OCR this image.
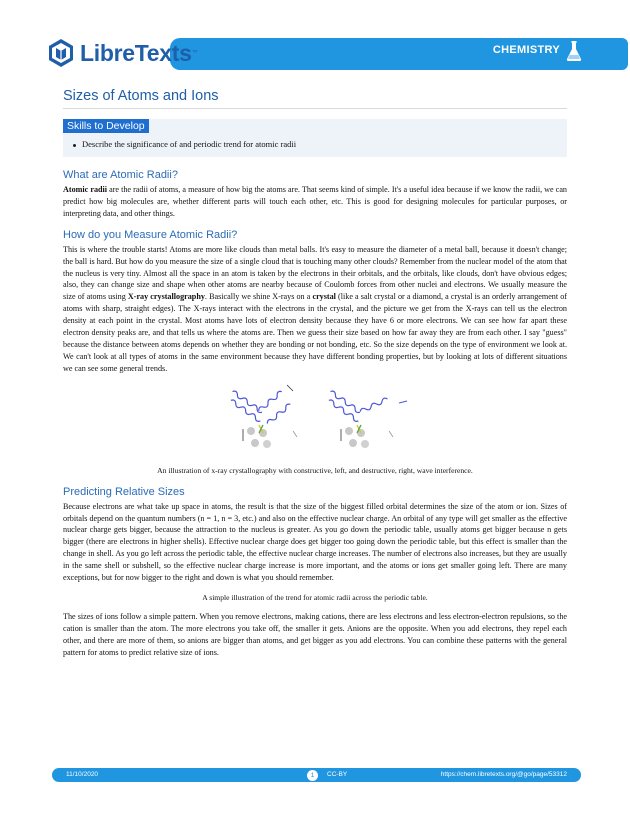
LibreTexts ™	CHEMISTRY
Sizes of Atoms and Ions
Skills to Develop
Describe the significance of and periodic trend for atomic radii
What are Atomic Radii?

Atomic radii are the radii of atoms, a measure of how big the atoms are. That seems kind of simple. It's a useful idea because if we know the radii, we can predict how big molecules are, whether different parts will touch each other, etc. This is good for designing molecules for particular purposes, or interpreting data, and other things.

How do you Measure Atomic Radii?

This is where the trouble starts! Atoms are more like clouds than metal balls. It's easy to measure the diameter of a metal ball, because it doesn't change; the ball is hard. But how do you measure the size of a single cloud that is touching many other clouds? Remember from the nuclear model of the atom that the nucleus is very tiny. Almost all the space in an atom is taken by the electrons in their orbitals, and the orbitals, like clouds, don't have obvious edges; also, they can change size and shape when other atoms are nearby because of Coulomb forces from other nuclei and electrons. We usually measure the size of atoms using X-ray crystallography. Basically we shine X-rays on a crystal (like a salt crystal or a diamond, a crystal is an orderly arrangement of atoms with sharp, straight edges). The X-rays interact with the electrons in the crystal, and the picture we get from the X-rays can tell us the electron density at each point in the crystal. Most atoms have lots of electron density because they have 6 or more electrons. We can see how far apart these electron density peaks are, and that tells us where the atoms are. Then we guess their size based on how far away they are from each other. I say "guess" because the distance between atoms depends on whether they are bonding or not bonding, etc. So the size depends on the type of environment we look at. We can't look at all types of atoms in the same environment because they have different bonding properties, but by looking at lots of different situations we can see some general trends.

An illustration of x-ray crystallography with constructive, left, and destructive, right, wave interference.

Predicting Relative Sizes

Because electrons are what take up space in atoms, the result is that the size of the biggest filled orbital determines the size of the atom or ion. Sizes of orbitals depend on the quantum numbers (n = 1, n = 3, etc.) and also on the effective nuclear charge. An orbital of any type will get smaller as the effective nuclear charge gets bigger, because the attraction to the nucleus is greater. As you go down the periodic table, usually atoms get bigger because n gets bigger (there are electrons in higher shells). Effective nuclear charge does get bigger too going down the periodic table, but this effect is smaller than the change in shell. As you go left across the periodic table, the effective nuclear charge increases. The number of electrons also increases, but they are usually in the same shell or subshell, so the effective nuclear charge increase is more important, and the atoms or ions get smaller going left. There are many exceptions, but for now bigger to the right and down is what you should remember.

A simple illustration of the trend for atomic radii across the periodic table.

The sizes of ions follow a simple pattern. When you remove electrons, making cations, there are less electrons and less electron-electron repulsions, so the cation is smaller than the atom. The more electrons you take off, the smaller it gets. Anions are the opposite. When you add electrons, they repel each other, and there are more of them, so anions are bigger than atoms, and get bigger as you add electrons. You can combine these patterns with the general pattern for atoms to predict relative size of ions.

11/10/2020	1	CC-BY	https://chem.libretexts.org/@go/page/53312
